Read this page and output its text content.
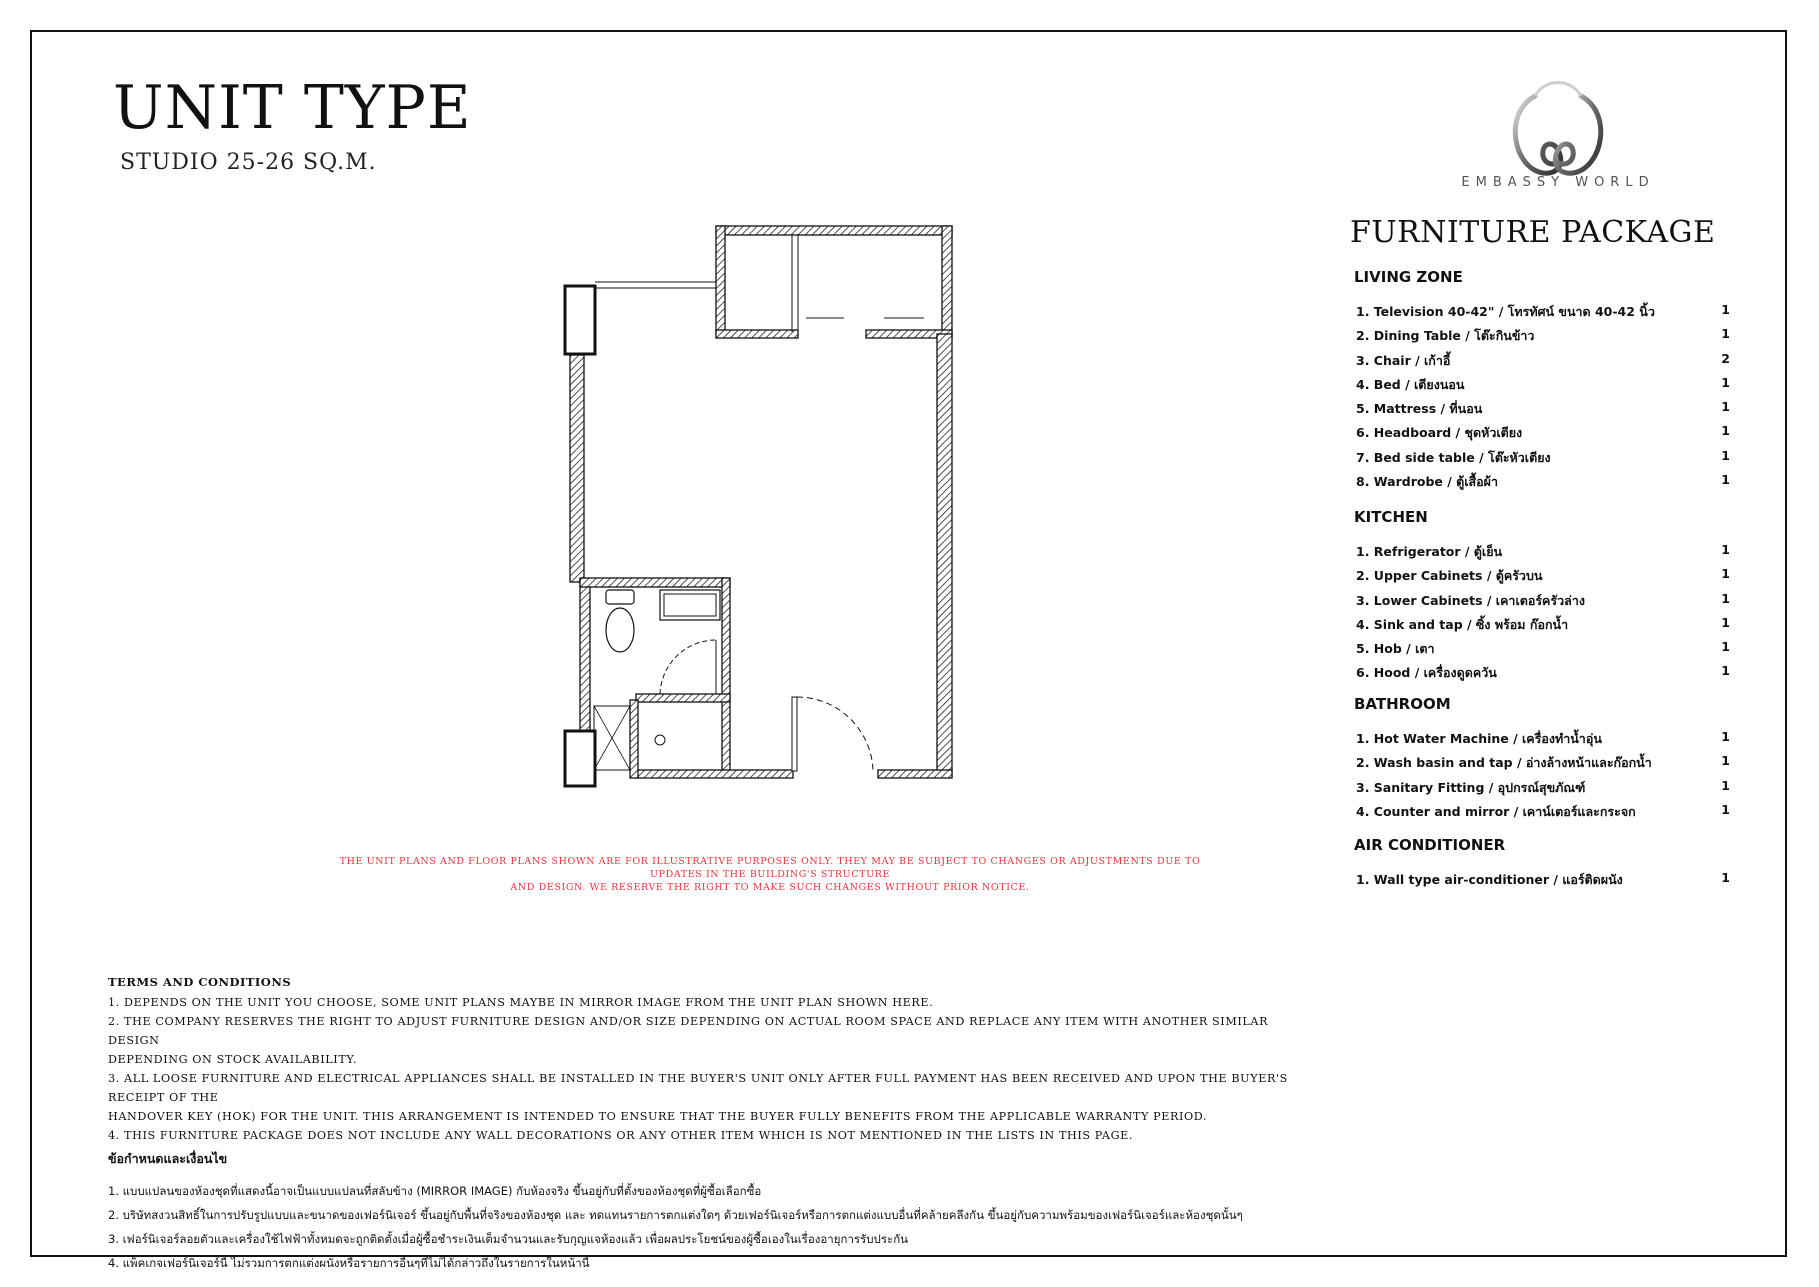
UNIT TYPE
STUDIO 25-26 SQ.M.
EMBASSY WORLD
FURNITURE PACKAGE
LIVING ZONE
1. Television 40-42" / โทรทัศน์ ขนาด 40-42 นิ้ว	1
2. Dining Table / โต๊ะกินข้าว	1
3. Chair / เก้าอี้	2
4. Bed / เตียงนอน	1
5. Mattress / ที่นอน	1
6. Headboard / ชุดหัวเตียง	1
7. Bed side table / โต๊ะหัวเตียง	1
8. Wardrobe / ตู้เสื้อผ้า	1
KITCHEN
1. Refrigerator / ตู้เย็น	1
2. Upper Cabinets / ตู้ครัวบน	1
3. Lower Cabinets / เคาเตอร์ครัวล่าง	1
4. Sink and tap / ซิ้ง พร้อม ก๊อกน้ำ	1
5. Hob / เตา	1
6. Hood / เครื่องดูดควัน	1
BATHROOM
1. Hot Water Machine / เครื่องทำน้ำอุ่น	1
2. Wash basin and tap / อ่างล้างหน้าและก๊อกน้ำ	1
3. Sanitary Fitting / อุปกรณ์สุขภัณฑ์	1
4. Counter and mirror / เคาน์เตอร์และกระจก	1
AIR CONDITIONER
1. Wall type air-conditioner / แอร์ติดผนัง	1
THE UNIT PLANS AND FLOOR PLANS SHOWN ARE FOR ILLUSTRATIVE PURPOSES ONLY. THEY MAY BE SUBJECT TO CHANGES OR ADJUSTMENTS DUE TO UPDATES IN THE BUILDING'S STRUCTURE
AND DESIGN. WE RESERVE THE RIGHT TO MAKE SUCH CHANGES WITHOUT PRIOR NOTICE.
TERMS AND CONDITIONS
1. DEPENDS ON THE UNIT YOU CHOOSE, SOME UNIT PLANS MAYBE IN MIRROR IMAGE FROM THE UNIT PLAN SHOWN HERE.
2. THE COMPANY RESERVES THE RIGHT TO ADJUST FURNITURE DESIGN AND/OR SIZE DEPENDING ON ACTUAL ROOM SPACE AND REPLACE ANY ITEM WITH ANOTHER SIMILAR DESIGN
DEPENDING ON STOCK AVAILABILITY.
3. ALL LOOSE FURNITURE AND ELECTRICAL APPLIANCES SHALL BE INSTALLED IN THE BUYER'S UNIT ONLY AFTER FULL PAYMENT HAS BEEN RECEIVED AND UPON THE BUYER'S RECEIPT OF THE
HANDOVER KEY (HOK) FOR THE UNIT. THIS ARRANGEMENT IS INTENDED TO ENSURE THAT THE BUYER FULLY BENEFITS FROM THE APPLICABLE WARRANTY PERIOD.
4. THIS FURNITURE PACKAGE DOES NOT INCLUDE ANY WALL DECORATIONS OR ANY OTHER ITEM WHICH IS NOT MENTIONED IN THE LISTS IN THIS PAGE.
ข้อกำหนดและเงื่อนไข
1. แบบแปลนของห้องชุดที่แสดงนี้อาจเป็นแบบแปลนที่สลับข้าง (MIRROR IMAGE) กับห้องจริง ขึ้นอยู่กับที่ตั้งของห้องชุดที่ผู้ซื้อเลือกซื้อ
2. บริษัทสงวนสิทธิ์ในการปรับรูปแบบและขนาดของเฟอร์นิเจอร์ ขึ้นอยู่กับพื้นที่จริงของห้องชุด และ ทดแทนรายการตกแต่งใดๆ ด้วยเฟอร์นิเจอร์หรือการตกแต่งแบบอื่นที่คล้ายคลึงกัน ขึ้นอยู่กับความพร้อมของเฟอร์นิเจอร์และห้องชุดนั้นๆ
3. เฟอร์นิเจอร์ลอยตัวและเครื่องใช้ไฟฟ้าทั้งหมดจะถูกติดตั้งเมื่อผู้ซื้อชำระเงินเต็มจำนวนและรับกุญแจห้องแล้ว เพื่อผลประโยชน์ของผู้ซื้อเองในเรื่องอายุการรับประกัน
4. แพ็คเกจเฟอร์นิเจอร์นี้ ไม่รวมการตกแต่งผนังหรือรายการอื่นๆที่ไม่ได้กล่าวถึงในรายการในหน้านี้
